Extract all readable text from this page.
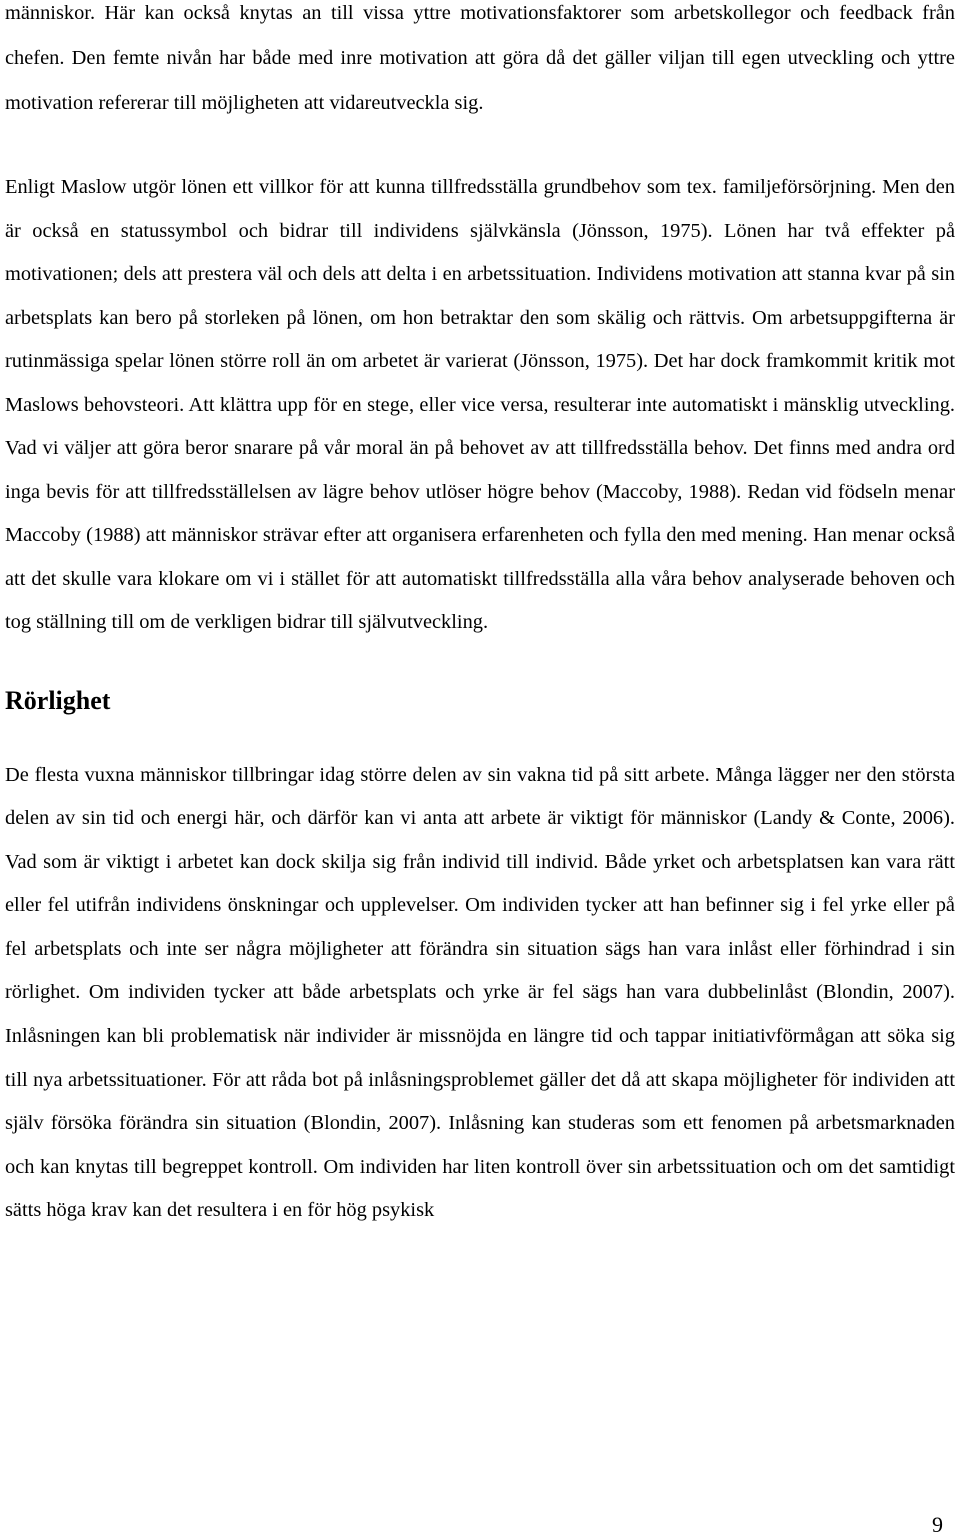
människor. Här kan också knytas an till vissa yttre motivationsfaktorer som arbetskollegor och feedback från chefen. Den femte nivån har både med inre motivation att göra då det gäller viljan till egen utveckling och yttre motivation refererar till möjligheten att vidareutveckla sig.

Enligt Maslow utgör lönen ett villkor för att kunna tillfredsställa grundbehov som tex. familjeförsörjning. Men den är också en statussymbol och bidrar till individens självkänsla (Jönsson, 1975). Lönen har två effekter på motivationen; dels att prestera väl och dels att delta i en arbetssituation. Individens motivation att stanna kvar på sin arbetsplats kan bero på storleken på lönen, om hon betraktar den som skälig och rättvis. Om arbetsuppgifterna är rutinmässiga spelar lönen större roll än om arbetet är varierat (Jönsson, 1975). Det har dock framkommit kritik mot Maslows behovsteori. Att klättra upp för en stege, eller vice versa, resulterar inte automatiskt i mänsklig utveckling. Vad vi väljer att göra beror snarare på vår moral än på behovet av att tillfredsställa behov. Det finns med andra ord inga bevis för att tillfredsställelsen av lägre behov utlöser högre behov (Maccoby, 1988). Redan vid födseln menar Maccoby (1988) att människor strävar efter att organisera erfarenheten och fylla den med mening. Han menar också att det skulle vara klokare om vi i stället för att automatiskt tillfredsställa alla våra behov analyserade behoven och tog ställning till om de verkligen bidrar till självutveckling.

Rörlighet

De flesta vuxna människor tillbringar idag större delen av sin vakna tid på sitt arbete. Många lägger ner den största delen av sin tid och energi här, och därför kan vi anta att arbete är viktigt för människor (Landy & Conte, 2006). Vad som är viktigt i arbetet kan dock skilja sig från individ till individ. Både yrket och arbetsplatsen kan vara rätt eller fel utifrån individens önskningar och upplevelser. Om individen tycker att han befinner sig i fel yrke eller på fel arbetsplats och inte ser några möjligheter att förändra sin situation sägs han vara inlåst eller förhindrad i sin rörlighet. Om individen tycker att både arbetsplats och yrke är fel sägs han vara dubbelinlåst (Blondin, 2007). Inlåsningen kan bli problematisk när individer är missnöjda en längre tid och tappar initiativförmågan att söka sig till nya arbetssituationer. För att råda bot på inlåsningsproblemet gäller det då att skapa möjligheter för individen att själv försöka förändra sin situation (Blondin, 2007). Inlåsning kan studeras som ett fenomen på arbetsmarknaden och kan knytas till begreppet kontroll. Om individen har liten kontroll över sin arbetssituation och om det samtidigt sätts höga krav kan det resultera i en för hög psykisk

9
